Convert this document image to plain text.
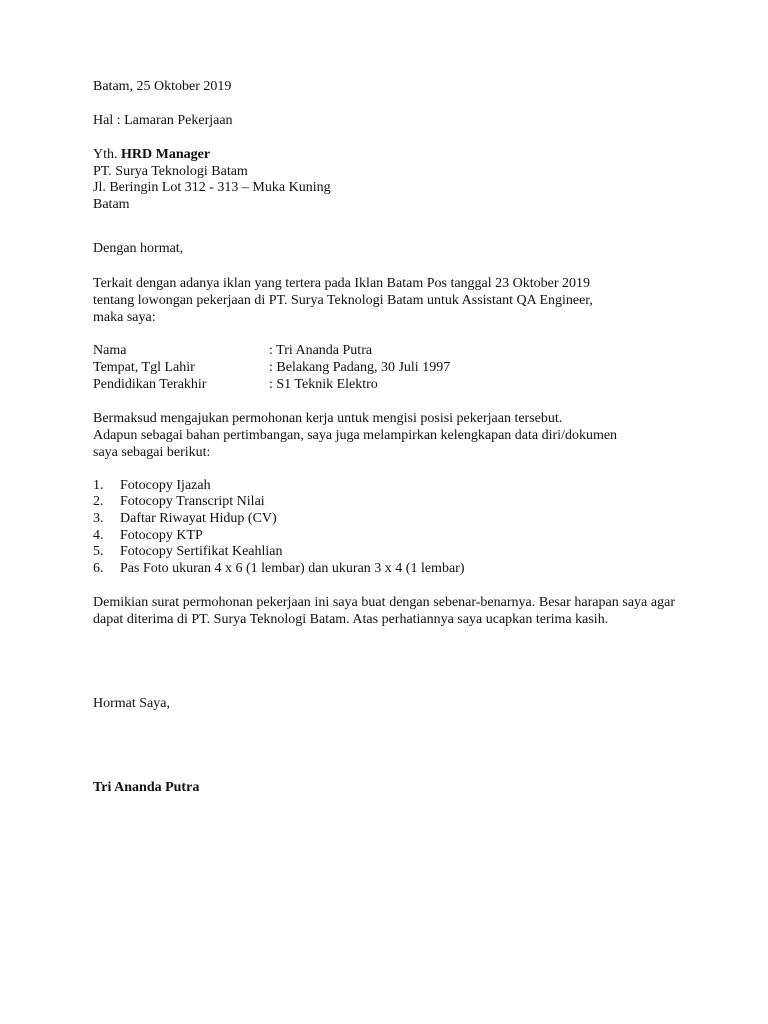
Batam, 25 Oktober 2019
Hal : Lamaran Pekerjaan
Yth. HRD Manager
PT. Surya Teknologi Batam
Jl. Beringin Lot 312 - 313 – Muka Kuning
Batam
Dengan hormat,
Terkait dengan adanya iklan yang tertera pada Iklan Batam Pos tanggal 23 Oktober 2019
tentang lowongan pekerjaan di PT. Surya Teknologi Batam untuk Assistant QA Engineer,
maka saya:
Nama	: Tri Ananda Putra
Tempat, Tgl Lahir	: Belakang Padang, 30 Juli 1997
Pendidikan Terakhir	: S1 Teknik Elektro
Bermaksud mengajukan permohonan kerja untuk mengisi posisi pekerjaan tersebut.
Adapun sebagai bahan pertimbangan, saya juga melampirkan kelengkapan data diri/dokumen
saya sebagai berikut:
1. Fotocopy Ijazah
2. Fotocopy Transcript Nilai
3. Daftar Riwayat Hidup (CV)
4. Fotocopy KTP
5. Fotocopy Sertifikat Keahlian
6. Pas Foto ukuran 4 x 6 (1 lembar) dan ukuran 3 x 4 (1 lembar)
Demikian surat permohonan pekerjaan ini saya buat dengan sebenar-benarnya. Besar harapan saya agar dapat diterima di PT. Surya Teknologi Batam. Atas perhatiannya saya ucapkan terima kasih.
Hormat Saya,
Tri Ananda Putra
